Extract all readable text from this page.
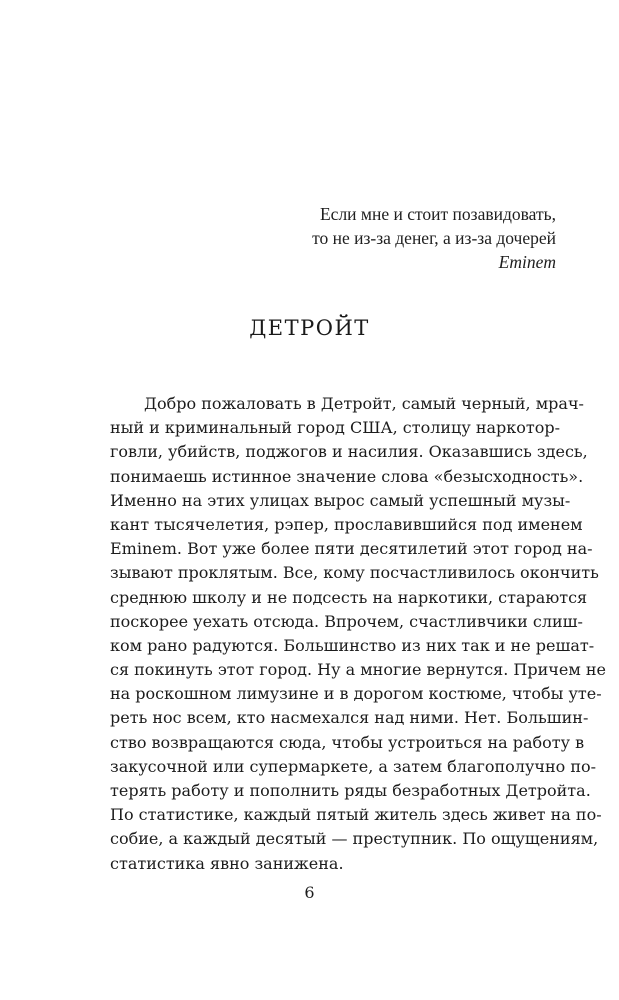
Если мне и стоит позавидовать,
то не из-за денег, а из-за дочерей
Eminem
ДЕТРОЙТ
Добро пожаловать в Детройт, самый черный, мрач-
ный и криминальный город США, столицу наркотор-
говли, убийств, поджогов и насилия. Оказавшись здесь,
понимаешь истинное значение слова «безысходность».
Именно на этих улицах вырос самый успешный музы-
кант тысячелетия, рэпер, прославившийся под именем
Eminem. Вот уже более пяти десятилетий этот город на-
зывают проклятым. Все, кому посчастливилось окончить
среднюю школу и не подсесть на наркотики, стараются
поскорее уехать отсюда. Впрочем, счастливчики слиш-
ком рано радуются. Большинство из них так и не решат-
ся покинуть этот город. Ну а многие вернутся. Причем не
на роскошном лимузине и в дорогом костюме, чтобы уте-
реть нос всем, кто насмехался над ними. Нет. Большин-
ство возвращаются сюда, чтобы устроиться на работу в
закусочной или супермаркете, а затем благополучно по-
терять работу и пополнить ряды безработных Детройта.
По статистике, каждый пятый житель здесь живет на по-
собие, а каждый десятый — преступник. По ощущениям,
статистика явно занижена.
6
